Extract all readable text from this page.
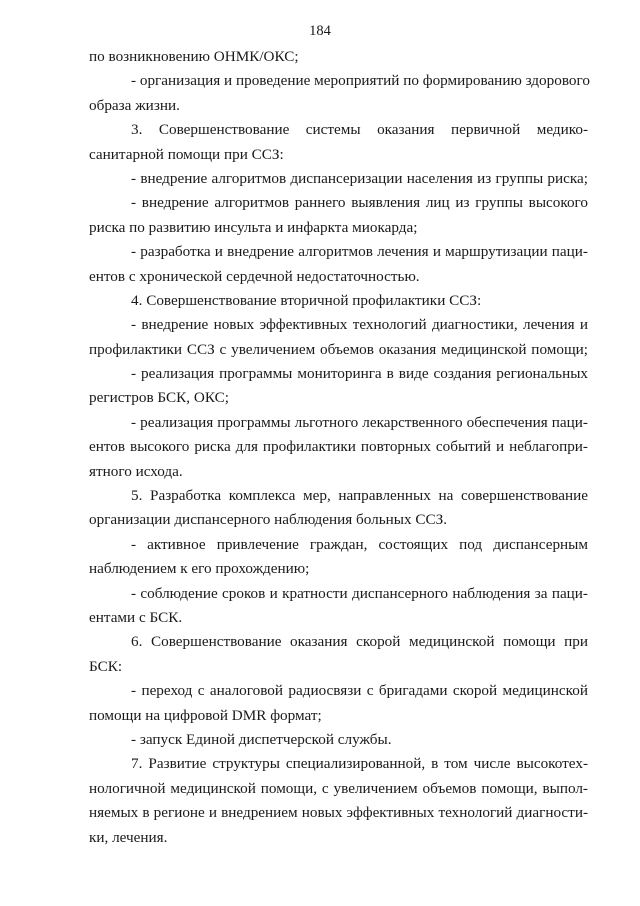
184
по возникновению ОНМК/ОКС;
- организация и проведение мероприятий по формированию здорового
образа жизни.
3. Совершенствование системы оказания первичной медико-
санитарной помощи при ССЗ:
- внедрение алгоритмов диспансеризации населения из группы риска;
- внедрение алгоритмов раннего выявления лиц из группы высокого
риска по развитию инсульта и инфаркта миокарда;
- разработка и внедрение алгоритмов лечения и маршрутизации паци-
ентов с хронической сердечной недостаточностью.
4. Совершенствование вторичной профилактики ССЗ:
- внедрение новых эффективных технологий диагностики, лечения и
профилактики ССЗ с увеличением объемов оказания медицинской помощи;
- реализация программы мониторинга в виде создания региональных
регистров БСК, ОКС;
- реализация программы льготного лекарственного обеспечения паци-
ентов высокого риска для профилактики повторных событий и неблагопри-
ятного исхода.
5. Разработка комплекса мер, направленных на совершенствование
организации диспансерного наблюдения больных ССЗ.
- активное привлечение граждан, состоящих под диспансерным
наблюдением к его прохождению;
- соблюдение сроков и кратности диспансерного наблюдения за паци-
ентами с БСК.
6. Совершенствование оказания скорой медицинской помощи при
БСК:
- переход с аналоговой радиосвязи с бригадами скорой медицинской
помощи на цифровой DMR формат;
- запуск Единой диспетчерской службы.
7. Развитие структуры специализированной, в том числе высокотех-
нологичной медицинской помощи, с увеличением объемов помощи, выпол-
няемых в регионе и внедрением новых эффективных технологий диагности-
ки, лечения.
